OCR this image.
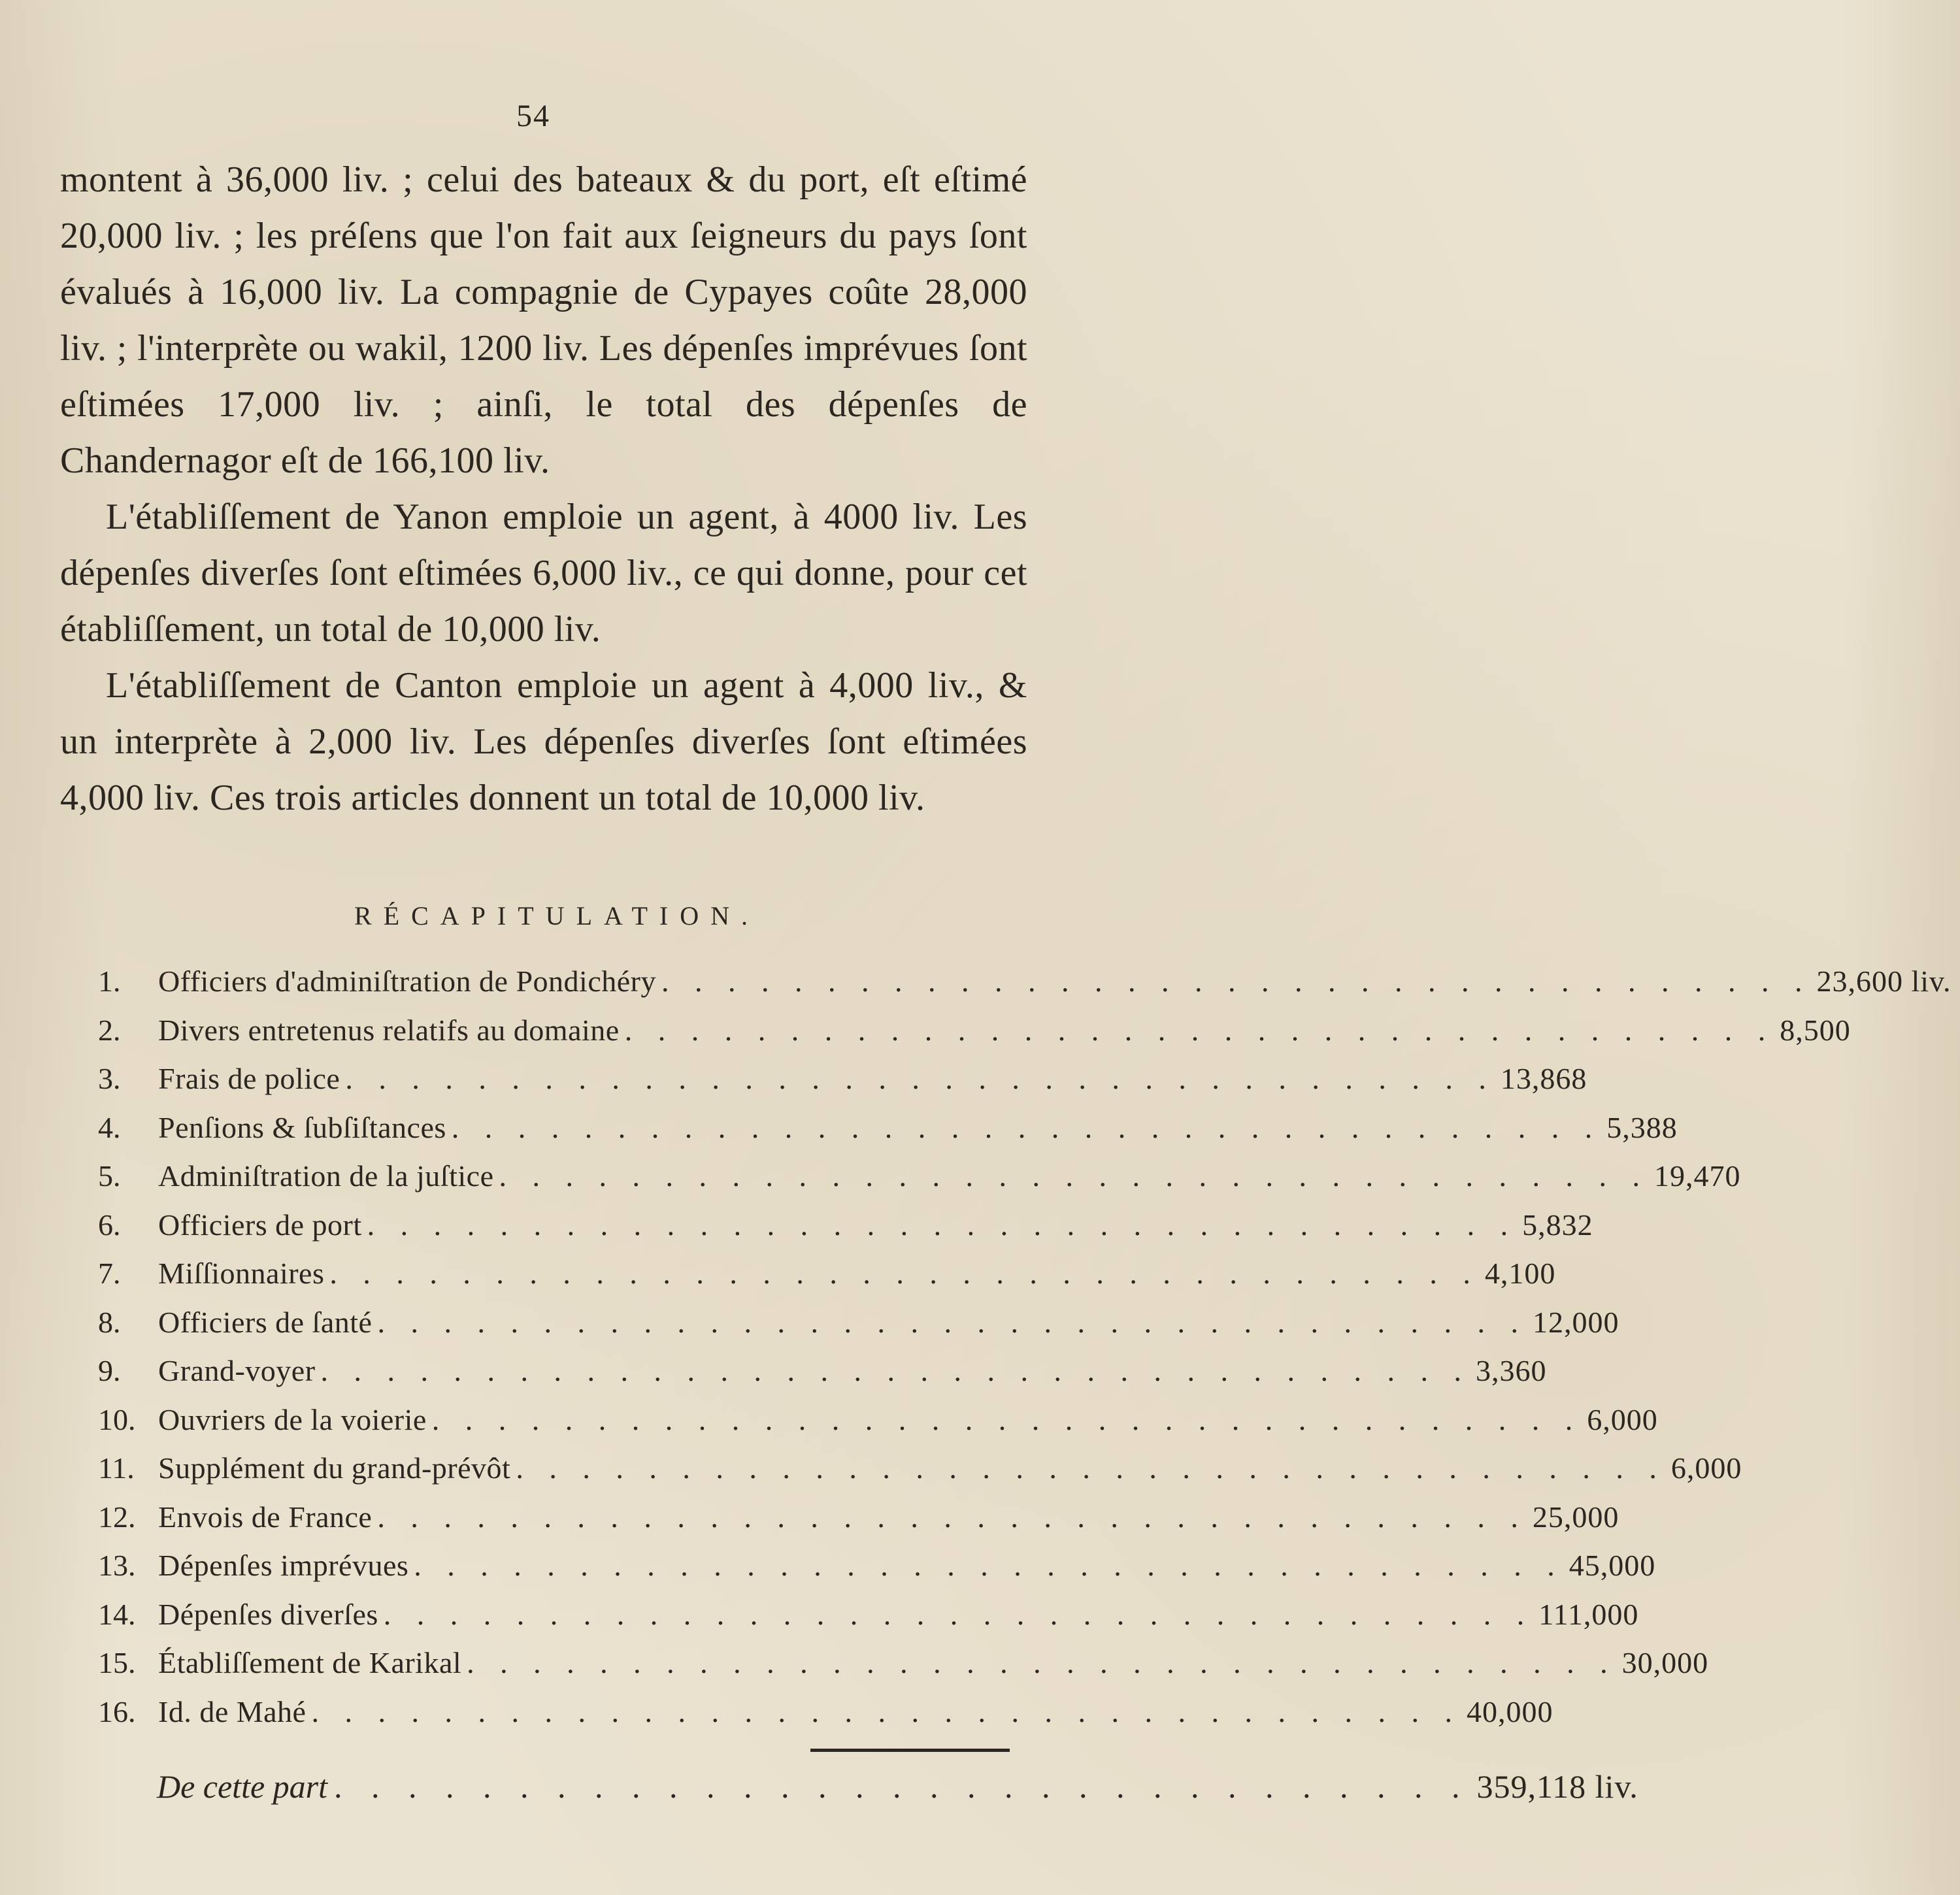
54

montent à 36,000 liv. ; celui des bateaux & du port, eſt eſtimé 20,000 liv. ; les préſens que l'on fait aux ſeigneurs du pays ſont évalués à 16,000 liv. La compagnie de Cypayes coûte 28,000 liv. ; l'interprète ou wakil, 1200 liv. Les dépenſes imprévues ſont eſtimées 17,000 liv. ; ainſi, le total des dépenſes de Chandernagor eſt de 166,100 liv.

L'établiſſement de Yanon emploie un agent, à 4000 liv. Les dépenſes diverſes ſont eſtimées 6,000 liv., ce qui donne, pour cet établiſſement, un total de 10,000 liv.

L'établiſſement de Canton emploie un agent à 4,000 liv., & un interprète à 2,000 liv. Les dépenſes diverſes ſont eſtimées 4,000 liv. Ces trois articles donnent un total de 10,000 liv.

RÉCAPITULATION.
1.	Officiers d'adminiſtration de Pondichéry . . . . . . . . . . . . . . . . . . . . . . . . . . . . . . . . . . . 23,600 liv.
2.	Divers entretenus relatifs au domaine . . . . . . . . . . . . . . . . . . . . . . . . . . . . . . . . . . . 8,500
3.	Frais de police . . . . . . . . . . . . . . . . . . . . . . . . . . . . . . . . . . . 13,868
4.	Penſions & ſubſiſtances . . . . . . . . . . . . . . . . . . . . . . . . . . . . . . . . . . . 5,388
5.	Adminiſtration de la juſtice . . . . . . . . . . . . . . . . . . . . . . . . . . . . . . . . . . . 19,470
6.	Officiers de port . . . . . . . . . . . . . . . . . . . . . . . . . . . . . . . . . . . 5,832
7.	Miſſionnaires . . . . . . . . . . . . . . . . . . . . . . . . . . . . . . . . . . . 4,100
8.	Officiers de ſanté . . . . . . . . . . . . . . . . . . . . . . . . . . . . . . . . . . . 12,000
9.	Grand-voyer . . . . . . . . . . . . . . . . . . . . . . . . . . . . . . . . . . . 3,360
10. Ouvriers de la voierie . . . . . . . . . . . . . . . . . . . . . . . . . . . . . . . . . . . 6,000
11. Supplément du grand-prévôt . . . . . . . . . . . . . . . . . . . . . . . . . . . . . . . . . . . 6,000
12. Envois de France . . . . . . . . . . . . . . . . . . . . . . . . . . . . . . . . . . . 25,000
13. Dépenſes imprévues . . . . . . . . . . . . . . . . . . . . . . . . . . . . . . . . . . . 45,000
14. Dépenſes diverſes . . . . . . . . . . . . . . . . . . . . . . . . . . . . . . . . . . . 111,000
15. Établiſſement de Karikal . . . . . . . . . . . . . . . . . . . . . . . . . . . . . . . . . . . 30,000
16. Id. de Mahé . . . . . . . . . . . . . . . . . . . . . . . . . . . . . . . . . . . 40,000
De cette part . . . . . . . . . . . . . . . . . . . . . . . . . . . . . . . 359,118 liv.
